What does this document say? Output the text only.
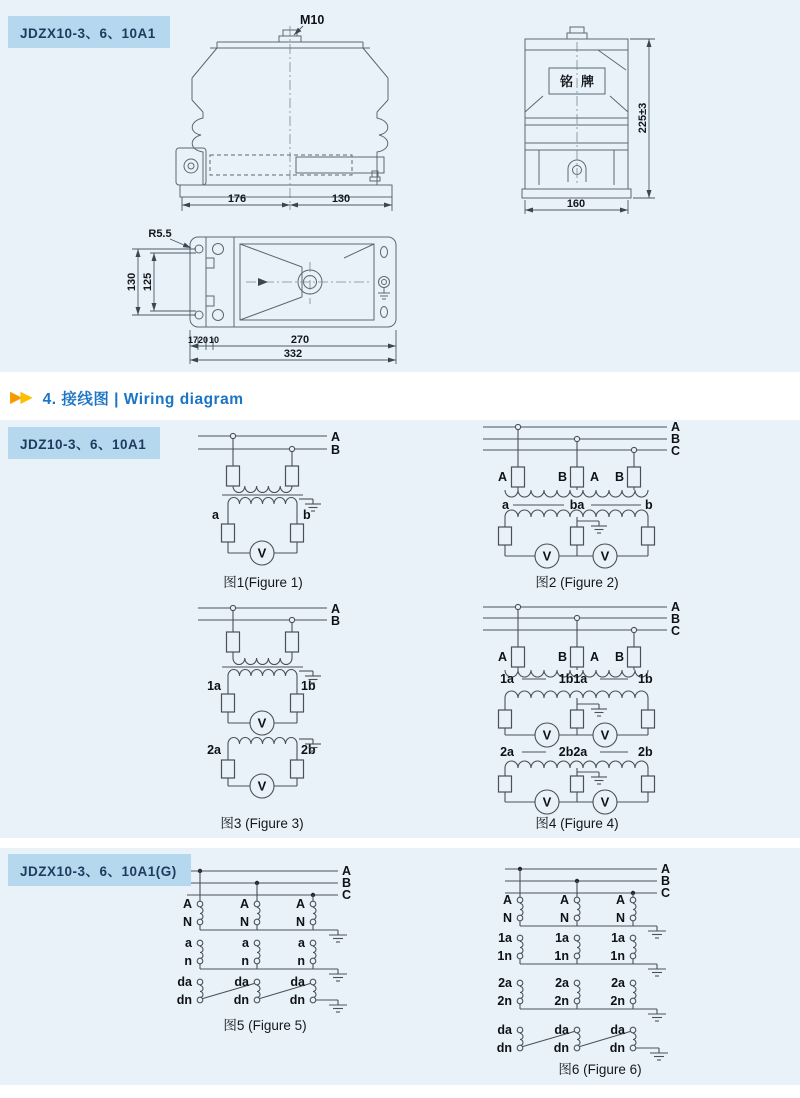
M10
176	130
铭牌
225±3
160
R5.5
130 125
17 20 10	270
332
JDZX10-3、6、10A1
JDZ10-3、6、10A1
JDZX10-3、6、10A1(G)
▶
▶ 4. 接线图 | Wiring diagram
A
B
a	b
V
图1(Figure 1)
A
B
C
A	B A B
a	ba	b
V	V
图2 (Figure 2)
A
B
1a	1b
V
2a	2b
V
图3 (Figure 3)
A
B
C
A	B A B
1a	1b1a	1b
V	V
2a	2b2a	2b
V	V
图4 (Figure 4)
A
B
C
A
N
a
n
da
dn
A
N
a
n
da
dn
A
N
a
n
da
dn
图5 (Figure 5)
A
B
C
A
N
1a
1n
2a
2n
da
dn
A
N
1a
1n
2a
2n
da
dn
A
N
1a
1n
2a
2n
da
dn
图6 (Figure 6)
